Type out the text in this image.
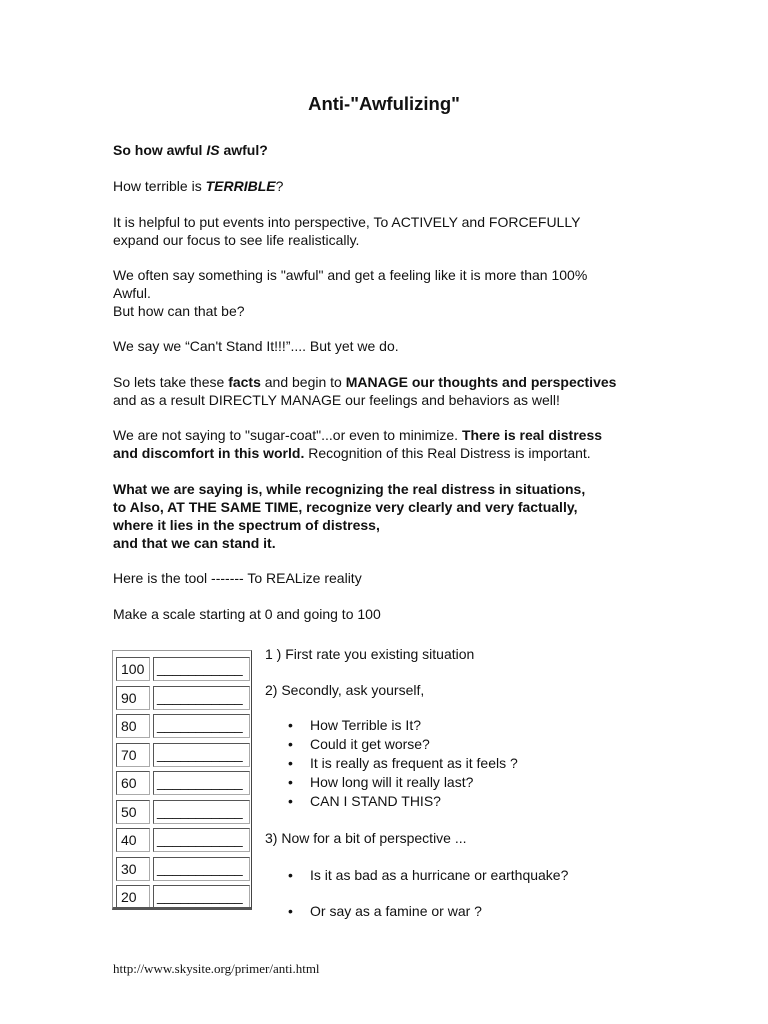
Anti-"Awfulizing"

So how awful IS awful?

How terrible is TERRIBLE?

It is helpful to put events into perspective, To ACTIVELY and FORCEFULLY

expand our focus to see life realistically.

We often say something is "awful" and get a feeling like it is more than 100%

Awful.

But how can that be?

We say we “Can't Stand It!!!”.... But yet we do.

So lets take these facts and begin to MANAGE our thoughts and perspectives

and as a result DIRECTLY MANAGE our feelings and behaviors as well!

We are not saying to "sugar-coat"...or even to minimize. There is real distress

and discomfort in this world. Recognition of this Real Distress is important.

What we are saying is, while recognizing the real distress in situations,

to Also, AT THE SAME TIME, recognize very clearly and very factually,

where it lies in the spectrum of distress,

and that we can stand it.

Here is the tool ------- To REALize reality

Make a scale starting at 0 and going to 100

100 ___________
90	___________
80	___________
70	___________
60	___________
50	___________
40	___________
30	___________
20	___________
1 ) First rate you existing situation
2) Secondly, ask yourself,
• How Terrible is It?
• Could it get worse?
• It is really as frequent as it feels ?
• How long will it really last?
• CAN I STAND THIS?
3) Now for a bit of perspective ...
• Is it as bad as a hurricane or earthquake?
• Or say as a famine or war ?
http://www.skysite.org/primer/anti.html
